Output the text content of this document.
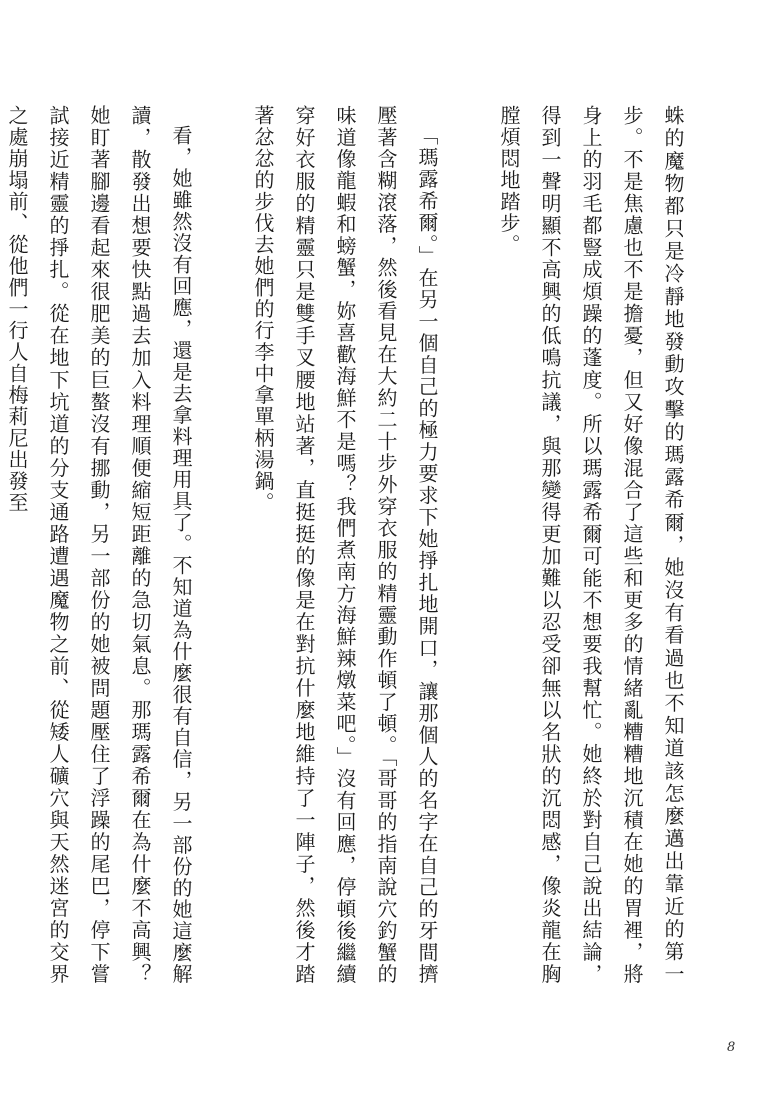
蛛的魔物都只是冷靜地發動攻擊的瑪露希爾，她沒有看過也不知道該怎麼邁出靠近的第一步。不是焦慮也不是擔憂，但又好像混合了這些和更多的情緒亂糟糟地沉積在她的胃裡，將身上的羽毛都豎成煩躁的蓬度。所以瑪露希爾可能不想要我幫忙。她終於對自己說出結論，得到一聲明顯不高興的低鳴抗議，與那變得更加難以忍受卻無以名狀的沉悶感，像炎龍在胸膛煩悶地踏步。

「瑪露希爾。」在另一個自己的極力要求下她掙扎地開口，讓那個人的名字在自己的牙間擠壓著含糊滾落，然後看見在大約二十步外穿衣服的精靈動作頓了頓。「哥哥的指南說穴釣蟹的味道像龍蝦和螃蟹，妳喜歡海鮮不是嗎？我們煮南方海鮮辣燉菜吧。」沒有回應，停頓後繼續穿好衣服的精靈只是雙手叉腰地站著，直挺挺的像是在對抗什麼地維持了一陣子，然後才踏著忿忿的步伐去她們的行李中拿單柄湯鍋。

看，她雖然沒有回應，還是去拿料理用具了。不知道為什麼很有自信，另一部份的她這麼解讀，散發出想要快點過去加入料理順便縮短距離的急切氣息。那瑪露希爾在為什麼不高興？她盯著腳邊看起來很肥美的巨螯沒有挪動，另一部份的她被問題壓住了浮躁的尾巴，停下嘗試接近精靈的掙扎。從在地下坑道的分支通路遭遇魔物之前、從矮人礦穴與天然迷宮的交界之處崩塌前、從他們一行人自梅莉尼出發至

8
